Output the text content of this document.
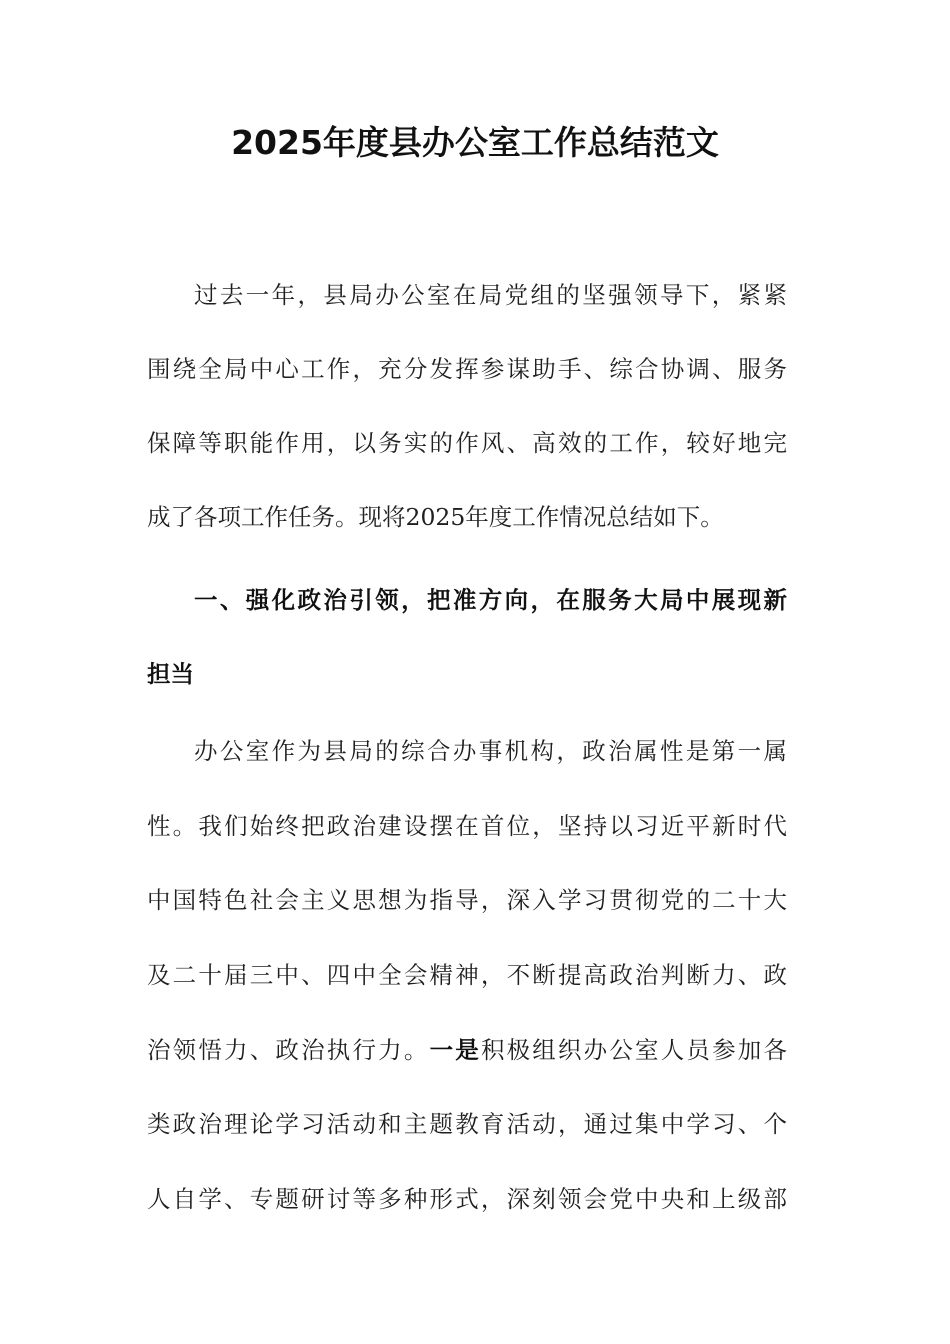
2025年度县办公室工作总结范文
过去一年，县局办公室在局党组的坚强领导下，紧紧
围绕全局中心工作，充分发挥参谋助手、综合协调、服务
保障等职能作用，以务实的作风、高效的工作，较好地完
成了各项工作任务。现将2025年度工作情况总结如下。
一、强化政治引领，把准方向，在服务大局中展现新
担当
办公室作为县局的综合办事机构，政治属性是第一属
性。我们始终把政治建设摆在首位，坚持以习近平新时代
中国特色社会主义思想为指导，深入学习贯彻党的二十大
及二十届三中、四中全会精神，不断提高政治判断力、政
治领悟力、政治执行力。一是积极组织办公室人员参加各
类政治理论学习活动和主题教育活动，通过集中学习、个
人自学、专题研讨等多种形式，深刻领会党中央和上级部
